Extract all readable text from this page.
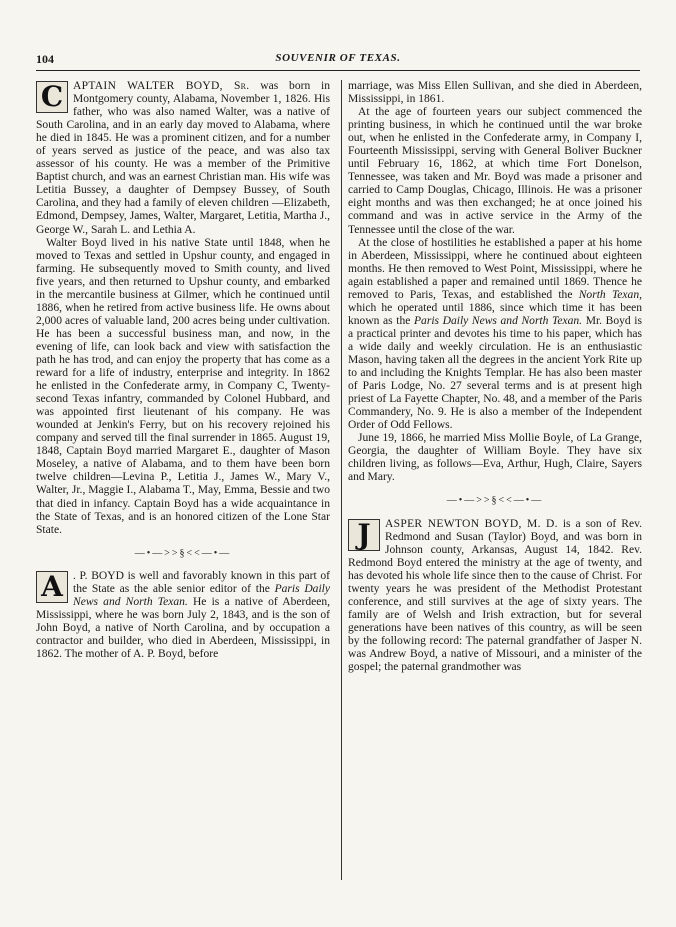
104	SOUVENIR OF TEXAS.

C APTAIN WALTER BOYD, Sr. was born in Montgomery county, Alabama, November 1, 1826. His father, who was also named Walter, was a native of South Carolina, and in an early day moved to Alabama, where he died in 1845. He was a prominent citizen, and for a number of years served as justice of the peace, and was also tax assessor of his county. He was a member of the Primitive Baptist church, and was an earnest Christian man. His wife was Letitia Bussey, a daughter of Dempsey Bussey, of South Carolina, and they had a family of eleven children —Elizabeth, Edmond, Dempsey, James, Walter, Margaret, Letitia, Martha J., George W., Sarah L. and Lethia A.

Walter Boyd lived in his native State until 1848, when he moved to Texas and settled in Upshur county, and engaged in farming. He subsequently moved to Smith county, and lived five years, and then returned to Upshur county, and embarked in the mercantile business at Gilmer, which he continued until 1886, when he retired from active business life. He owns about 2,000 acres of valuable land, 200 acres being under cultivation. He has been a successful business man, and now, in the evening of life, can look back and view with satisfaction the path he has trod, and can enjoy the property that has come as a reward for a life of industry, enterprise and integrity. In 1862 he enlisted in the Confederate army, in Company C, Twenty-second Texas infantry, commanded by Colonel Hubbard, and was appointed first lieutenant of his company. He was wounded at Jenkin's Ferry, but on his recovery rejoined his company and served till the final surrender in 1865. August 19, 1848, Captain Boyd married Margaret E., daughter of Mason Moseley, a native of Alabama, and to them have been born twelve children—Levina P., Letitia J., James W., Mary V., Walter, Jr., Maggie I., Alabama T., May, Emma, Bessie and two that died in infancy. Captain Boyd has a wide acquaintance in the State of Texas, and is an honored citizen of the Lone Star State.

—•—>>§<<—•—

A . P. BOYD is well and favorably known in this part of the State as the able senior editor of the Paris Daily News and North Texan. He is a native of Aberdeen, Mississippi, where he was born July 2, 1843, and is the son of John Boyd, a native of North Carolina, and by occupation a contractor and builder, who died in Aberdeen, Mississippi, in 1862. The mother of A. P. Boyd, before

marriage, was Miss Ellen Sullivan, and she died in Aberdeen, Mississippi, in 1861.

At the age of fourteen years our subject commenced the printing business, in which he continued until the war broke out, when he enlisted in the Confederate army, in Company I, Fourteenth Mississippi, serving with General Boliver Buckner until February 16, 1862, at which time Fort Donelson, Tennessee, was taken and Mr. Boyd was made a prisoner and carried to Camp Douglas, Chicago, Illinois. He was a prisoner eight months and was then exchanged; he at once joined his command and was in active service in the Army of the Tennessee until the close of the war.

At the close of hostilities he established a paper at his home in Aberdeen, Mississippi, where he continued about eighteen months. He then removed to West Point, Mississippi, where he again established a paper and remained until 1869. Thence he removed to Paris, Texas, and established the North Texan, which he operated until 1886, since which time it has been known as the Paris Daily News and North Texan. Mr. Boyd is a practical printer and devotes his time to his paper, which has a wide daily and weekly circulation. He is an enthusiastic Mason, having taken all the degrees in the ancient York Rite up to and including the Knights Templar. He has also been master of Paris Lodge, No. 27 several terms and is at present high priest of La Fayette Chapter, No. 48, and a member of the Paris Commandery, No. 9. He is also a member of the Independent Order of Odd Fellows.

June 19, 1866, he married Miss Mollie Boyle, of La Grange, Georgia, the daughter of William Boyle. They have six children living, as follows—Eva, Arthur, Hugh, Claire, Sayers and Mary.

—•—>>§<<—•—

J	ASPER NEWTON BOYD, M. D. is a son of Rev. Redmond and Susan (Taylor) Boyd, and was born in Johnson county, Arkansas, August 14, 1842. Rev. Redmond Boyd entered the ministry at the age of twenty, and has devoted his whole life since then to the cause of Christ. For twenty years he was president of the Methodist Protestant conference, and still survives at the age of sixty years. The family are of Welsh and Irish extraction, but for several generations have been natives of this country, as will be seen by the following record: The paternal grandfather of Jasper N. was Andrew Boyd, a native of Missouri, and a minister of the gospel; the paternal grandmother was
